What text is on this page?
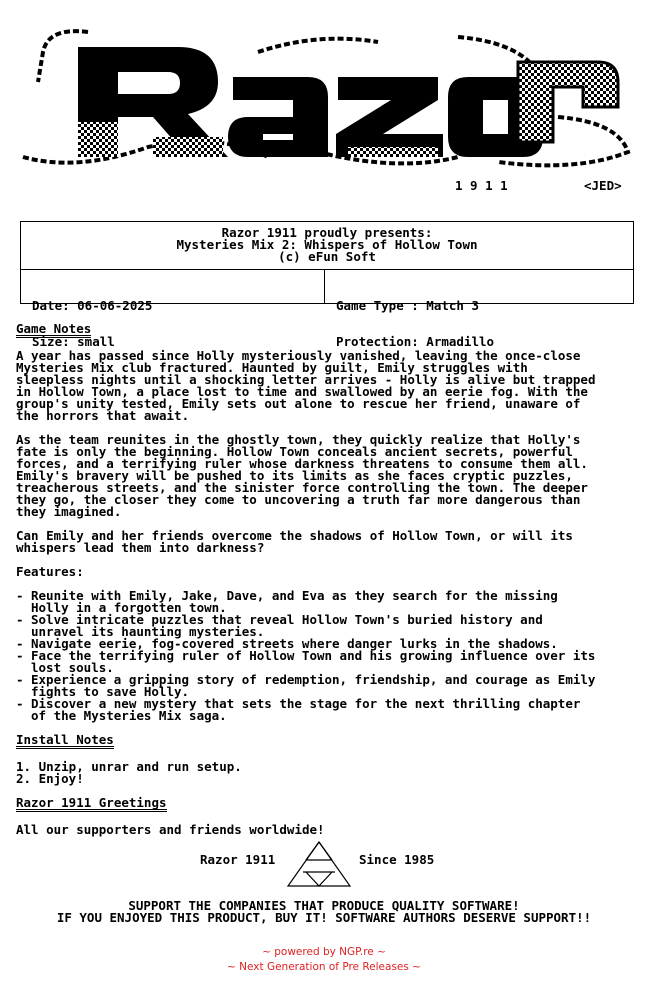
1 9 1 1	<JED>
Razor 1911 proudly presents:
Mysteries Mix 2: Whispers of Hollow Town
(c) eFun Soft

Date: 06-06-2025

Size: small

Game Type : Match 3

Protection: Armadillo

Game Notes

A year has passed since Holly mysteriously vanished, leaving the once-close
Mysteries Mix club fractured. Haunted by guilt, Emily struggles with
sleepless nights until a shocking letter arrives - Holly is alive but trapped
in Hollow Town, a place lost to time and swallowed by an eerie fog. With the
group's unity tested, Emily sets out alone to rescue her friend, unaware of
the horrors that await.

As the team reunites in the ghostly town, they quickly realize that Holly's
fate is only the beginning. Hollow Town conceals ancient secrets, powerful
forces, and a terrifying ruler whose darkness threatens to consume them all.
Emily's bravery will be pushed to its limits as she faces cryptic puzzles,
treacherous streets, and the sinister force controlling the town. The deeper
they go, the closer they come to uncovering a truth far more dangerous than
they imagined.

Can Emily and her friends overcome the shadows of Hollow Town, or will its
whispers lead them into darkness?

Features:

- Reunite with Emily, Jake, Dave, and Eva as they search for the missing
Holly in a forgotten town.

- Solve intricate puzzles that reveal Hollow Town's buried history and
unravel its haunting mysteries.

- Navigate eerie, fog-covered streets where danger lurks in the shadows.

- Face the terrifying ruler of Hollow Town and his growing influence over its
lost souls.

- Experience a gripping story of redemption, friendship, and courage as Emily
fights to save Holly.

- Discover a new mystery that sets the stage for the next thrilling chapter
of the Mysteries Mix saga.

Install Notes

1. Unzip, unrar and run setup.

2. Enjoy!

Razor 1911 Greetings

All our supporters and friends worldwide!

Razor 1911	Since 1985
SUPPORT THE COMPANIES THAT PRODUCE QUALITY SOFTWARE!
IF YOU ENJOYED THIS PRODUCT, BUY IT! SOFTWARE AUTHORS DESERVE SUPPORT!!
~ powered by NGP.re ~
~ Next Generation of Pre Releases ~
